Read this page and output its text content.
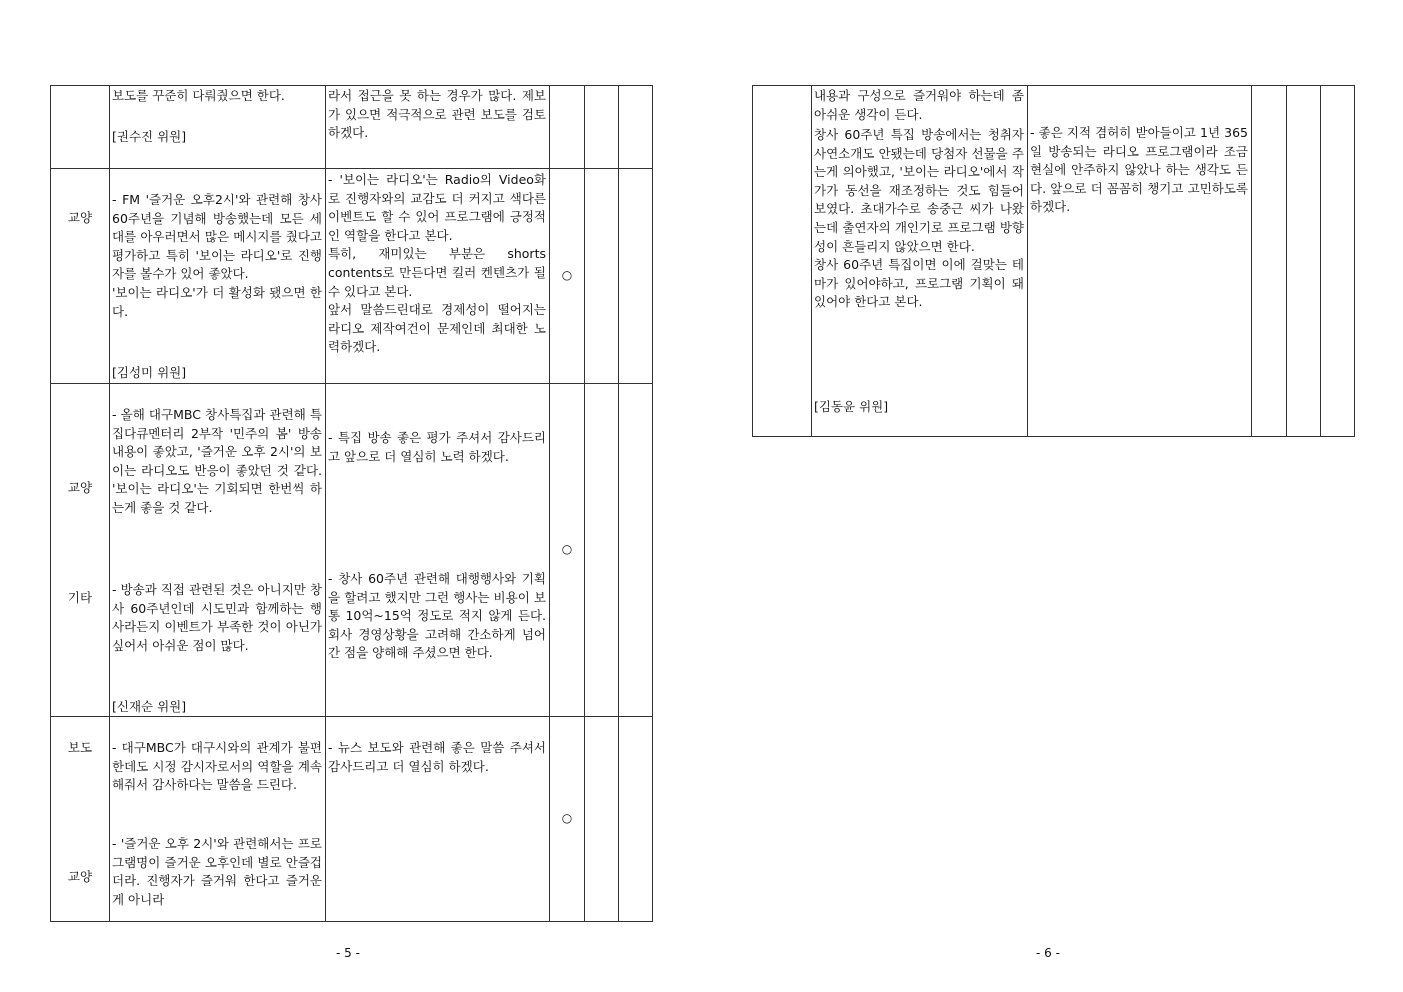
보도를 꾸준히 다뤄줬으면 한다.

[권수진 위원]

라서 접근을 못 하는 경우가 많다. 제보가 있으면 적극적으로 관련 보도를 검토하겠다.

교양

- FM '즐거운 오후2시'와 관련해 창사 60주년을 기념해 방송했는데 모든 세대를 아우러면서 많은 메시지를 줬다고 평가하고 특히 '보이는 라디오'로 진행자를 볼수가 있어 좋았다.
'보이는 라디오'가 더 활성화 됐으면 한다.

[김성미 위원]

- '보이는 라디오'는 Radio의 Video화로 진행자와의 교감도 더 커지고 색다른 이벤트도 할 수 있어 프로그램에 긍정적인 역할을 한다고 본다.
특히, 재미있는 부분은 shorts contents로 만든다면 킬러 켄텐츠가 될 수 있다고 본다.
앞서 말씀드린대로 경제성이 떨어지는 라디오 제작여건이 문제인데 최대한 노력하겠다.

○
교양
기타

- 올해 대구MBC 창사특집과 관련해 특집다큐멘터리 2부작 '민주의 봄' 방송 내용이 좋았고, '즐거운 오후 2시'의 보이는 라디오도 반응이 좋았던 것 같다. '보이는 라디오'는 기회되면 한번씩 하는게 좋을 것 같다.

- 방송과 직접 관련된 것은 아니지만 창사 60주년인데 시도민과 함께하는 행사라든지 이벤트가 부족한 것이 아닌가 싶어서 아쉬운 점이 많다.

[신재순 위원]

- 특집 방송 좋은 평가 주셔서 감사드리고 앞으로 더 열심히 노력 하겠다.

- 창사 60주년 관련해 대행행사와 기획을 할려고 했지만 그런 행사는 비용이 보통 10억~15억 정도로 적지 않게 든다. 회사 경영상황을 고려해 간소하게 넘어간 점을 양해해 주셨으면 한다.

○
보도
교양

- 대구MBC가 대구시와의 관계가 불편한데도 시정 감시자로서의 역할을 계속해줘서 감사하다는 말씀을 드린다.

- '즐거운 오후 2시'와 관련해서는 프로그램명이 즐거운 오후인데 별로 안즐겁더라. 진행자가 즐거워 한다고 즐거운게 아니라

- 뉴스 보도와 관련해 좋은 말씀 주셔서 감사드리고 더 열심히 하겠다.

○
- 5 -

내용과 구성으로 즐거워야 하는데 좀 아쉬운 생각이 든다.

창사 60주년 특집 방송에서는 청취자 사연소개도 안됐는데 당첨자 선물을 주는게 의아했고, '보이는 라디오'에서 작가가 동선을 재조정하는 것도 힘들어 보였다. 초대가수로 송중근 씨가 나왔는데 출연자의 개인기로 프로그램 방향성이 흔들리지 않았으면 한다.
창사 60주년 특집이면 이에 걸맞는 테마가 있어야하고, 프로그램 기획이 돼 있어야 한다고 본다.

[김동윤 위원]

- 좋은 지적 겸허히 받아들이고 1년 365일 방송되는 라디오 프로그램이라 조금 현실에 안주하지 않았나 하는 생각도 든다. 앞으로 더 꼼꼼히 챙기고 고민하도록 하겠다.

- 6 -
